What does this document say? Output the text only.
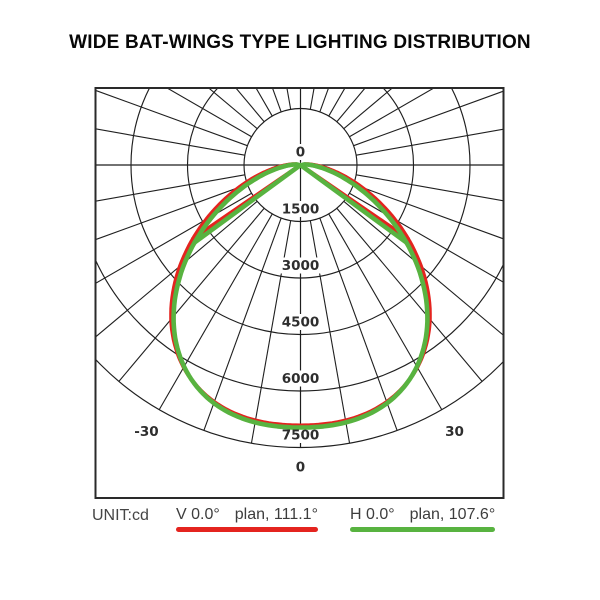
WIDE BAT-WINGS TYPE LIGHTING DISTRIBUTION
0
1500
3000
4500
6000
7500
0
-30	30
UNIT:cd V 0.0° plan, 111.1° H 0.0° plan, 107.6°
